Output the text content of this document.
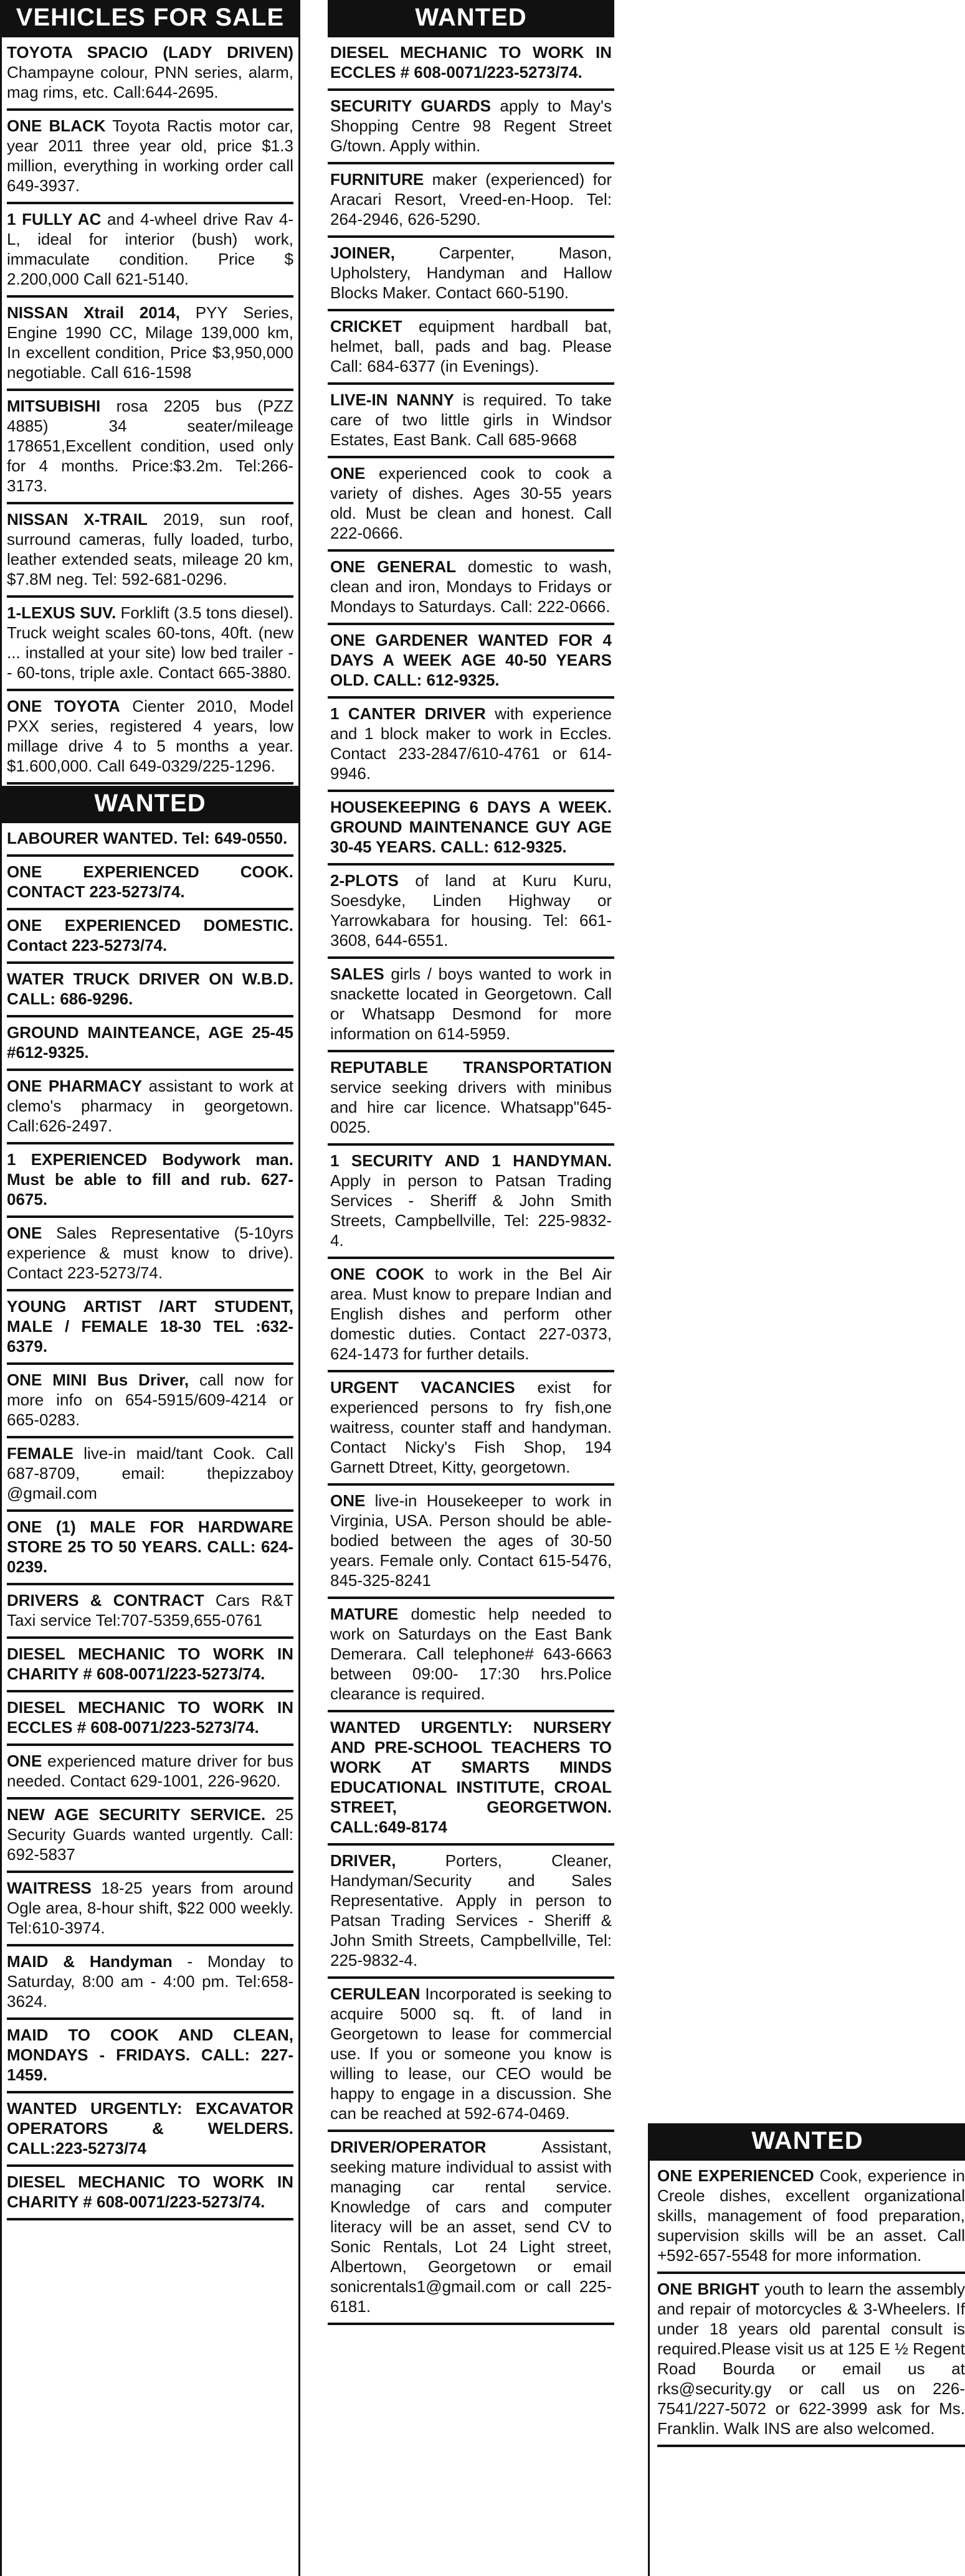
VEHICLES FOR SALE
TOYOTA SPACIO (LADY DRIVEN) Champayne colour, PNN series, alarm, mag rims, etc. Call:644-2695.
ONE BLACK Toyota Ractis motor car, year 2011 three year old, price $1.3 million, everything in working order call 649-3937.
1 FULLY AC and 4-wheel drive Rav 4-L, ideal for interior (bush) work, immaculate condition. Price $ 2.200,000 Call 621-5140.
NISSAN Xtrail 2014, PYY Series, Engine 1990 CC, Milage 139,000 km, In excellent condition, Price $3,950,000 negotiable. Call 616-1598
MITSUBISHI rosa 2205 bus (PZZ 4885) 34 seater/mileage 178651,Excellent condition, used only for 4 months. Price:$3.2m. Tel:266-3173.
NISSAN X-TRAIL 2019, sun roof, surround cameras, fully loaded, turbo, leather extended seats, mileage 20 km, $7.8M neg. Tel: 592-681-0296.
1-LEXUS SUV. Forklift (3.5 tons diesel). Truck weight scales 60-tons, 40ft. (new ... installed at your site) low bed trailer -- 60-tons, triple axle. Contact 665-3880.
ONE TOYOTA Cienter 2010, Model PXX series, registered 4 years, low millage drive 4 to 5 months a year. $1.600,000. Call 649-0329/225-1296.
WANTED
LABOURER WANTED. Tel: 649-0550.
ONE EXPERIENCED COOK. CONTACT 223-5273/74.
ONE EXPERIENCED DOMESTIC. Contact 223-5273/74.
WATER TRUCK DRIVER ON W.B.D. CALL: 686-9296.
GROUND MAINTEANCE, AGE 25-45 #612-9325.
ONE PHARMACY assistant to work at clemo's pharmacy in georgetown. Call:626-2497.
1 EXPERIENCED Bodywork man. Must be able to fill and rub. 627-0675.
ONE Sales Representative (5-10yrs experience & must know to drive). Contact 223-5273/74.
YOUNG ARTIST /ART STUDENT, MALE / FEMALE 18-30 TEL :632-6379.
ONE MINI Bus Driver, call now for more info on 654-5915/609-4214 or 665-0283.
FEMALE live-in maid/tant Cook. Call 687-8709, email: thepizzaboy @gmail.com
ONE (1) MALE FOR HARDWARE STORE 25 TO 50 YEARS. CALL: 624-0239.
DRIVERS & CONTRACT Cars R&T Taxi service Tel:707-5359,655-0761
DIESEL MECHANIC TO WORK IN CHARITY # 608-0071/223-5273/74.
DIESEL MECHANIC TO WORK IN ECCLES # 608-0071/223-5273/74.
ONE experienced mature driver for bus needed. Contact 629-1001, 226-9620.
NEW AGE SECURITY SERVICE. 25 Security Guards wanted urgently. Call: 692-5837
WAITRESS 18-25 years from around Ogle area, 8-hour shift, $22 000 weekly. Tel:610-3974.
MAID & Handyman - Monday to Saturday, 8:00 am - 4:00 pm. Tel:658-3624.
MAID TO COOK AND CLEAN, MONDAYS - FRIDAYS. CALL: 227-1459.
WANTED URGENTLY: EXCAVATOR OPERATORS & WELDERS. CALL:223-5273/74
DIESEL MECHANIC TO WORK IN CHARITY # 608-0071/223-5273/74.
WANTED
DIESEL MECHANIC TO WORK IN ECCLES # 608-0071/223-5273/74.
SECURITY GUARDS apply to May's Shopping Centre 98 Regent Street G/town. Apply within.
FURNITURE maker (experienced) for Aracari Resort, Vreed-en-Hoop. Tel: 264-2946, 626-5290.
JOINER, Carpenter, Mason, Upholstery, Handyman and Hallow Blocks Maker. Contact 660-5190.
CRICKET equipment hardball bat, helmet, ball, pads and bag. Please Call: 684-6377 (in Evenings).
LIVE-IN NANNY is required. To take care of two little girls in Windsor Estates, East Bank. Call 685-9668
ONE experienced cook to cook a variety of dishes. Ages 30-55 years old. Must be clean and honest. Call 222-0666.
ONE GENERAL domestic to wash, clean and iron, Mondays to Fridays or Mondays to Saturdays. Call: 222-0666.
ONE GARDENER WANTED FOR 4 DAYS A WEEK AGE 40-50 YEARS OLD. CALL: 612-9325.
1 CANTER DRIVER with experience and 1 block maker to work in Eccles. Contact 233-2847/610-4761 or 614-9946.
HOUSEKEEPING 6 DAYS A WEEK. GROUND MAINTENANCE GUY AGE 30-45 YEARS. CALL: 612-9325.
2-PLOTS of land at Kuru Kuru, Soesdyke, Linden Highway or Yarrowkabara for housing. Tel: 661-3608, 644-6551.
SALES girls / boys wanted to work in snackette located in Georgetown. Call or Whatsapp Desmond for more information on 614-5959.
REPUTABLE TRANSPORTATION service seeking drivers with minibus and hire car licence. Whatsapp"645-0025.
1 SECURITY AND 1 HANDYMAN. Apply in person to Patsan Trading Services - Sheriff & John Smith Streets, Campbellville, Tel: 225-9832-4.
ONE COOK to work in the Bel Air area. Must know to prepare Indian and English dishes and perform other domestic duties. Contact 227-0373, 624-1473 for further details.
URGENT VACANCIES exist for experienced persons to fry fish,one waitress, counter staff and handyman. Contact Nicky's Fish Shop, 194 Garnett Dtreet, Kitty, georgetown.
ONE live-in Housekeeper to work in Virginia, USA. Person should be able-bodied between the ages of 30-50 years. Female only. Contact 615-5476, 845-325-8241
MATURE domestic help needed to work on Saturdays on the East Bank Demerara. Call telephone# 643-6663 between 09:00- 17:30 hrs.Police clearance is required.
WANTED URGENTLY: NURSERY AND PRE-SCHOOL TEACHERS TO WORK AT SMARTS MINDS EDUCATIONAL INSTITUTE, CROAL STREET, GEORGETWON. CALL:649-8174
DRIVER, Porters, Cleaner, Handyman/Security and Sales Representative. Apply in person to Patsan Trading Services - Sheriff & John Smith Streets, Campbellville, Tel: 225-9832-4.
CERULEAN Incorporated is seeking to acquire 5000 sq. ft. of land in Georgetown to lease for commercial use. If you or someone you know is willing to lease, our CEO would be happy to engage in a discussion. She can be reached at 592-674-0469.
DRIVER/OPERATOR Assistant, seeking mature individual to assist with managing car rental service. Knowledge of cars and computer literacy will be an asset, send CV to Sonic Rentals, Lot 24 Light street, Albertown, Georgetown or email sonicrentals1@gmail.com or call 225-6181.
WANTED
ONE EXPERIENCED Cook, experience in Creole dishes, excellent organizational skills, management of food preparation, supervision skills will be an asset. Call +592-657-5548 for more information.
ONE BRIGHT youth to learn the assembly and repair of motorcycles & 3-Wheelers. If under 18 years old parental consult is required.Please visit us at 125 E ½ Regent Road Bourda or email us at rks@security.gy or call us on 226-7541/227-5072 or 622-3999 ask for Ms. Franklin. Walk INS are also welcomed.
